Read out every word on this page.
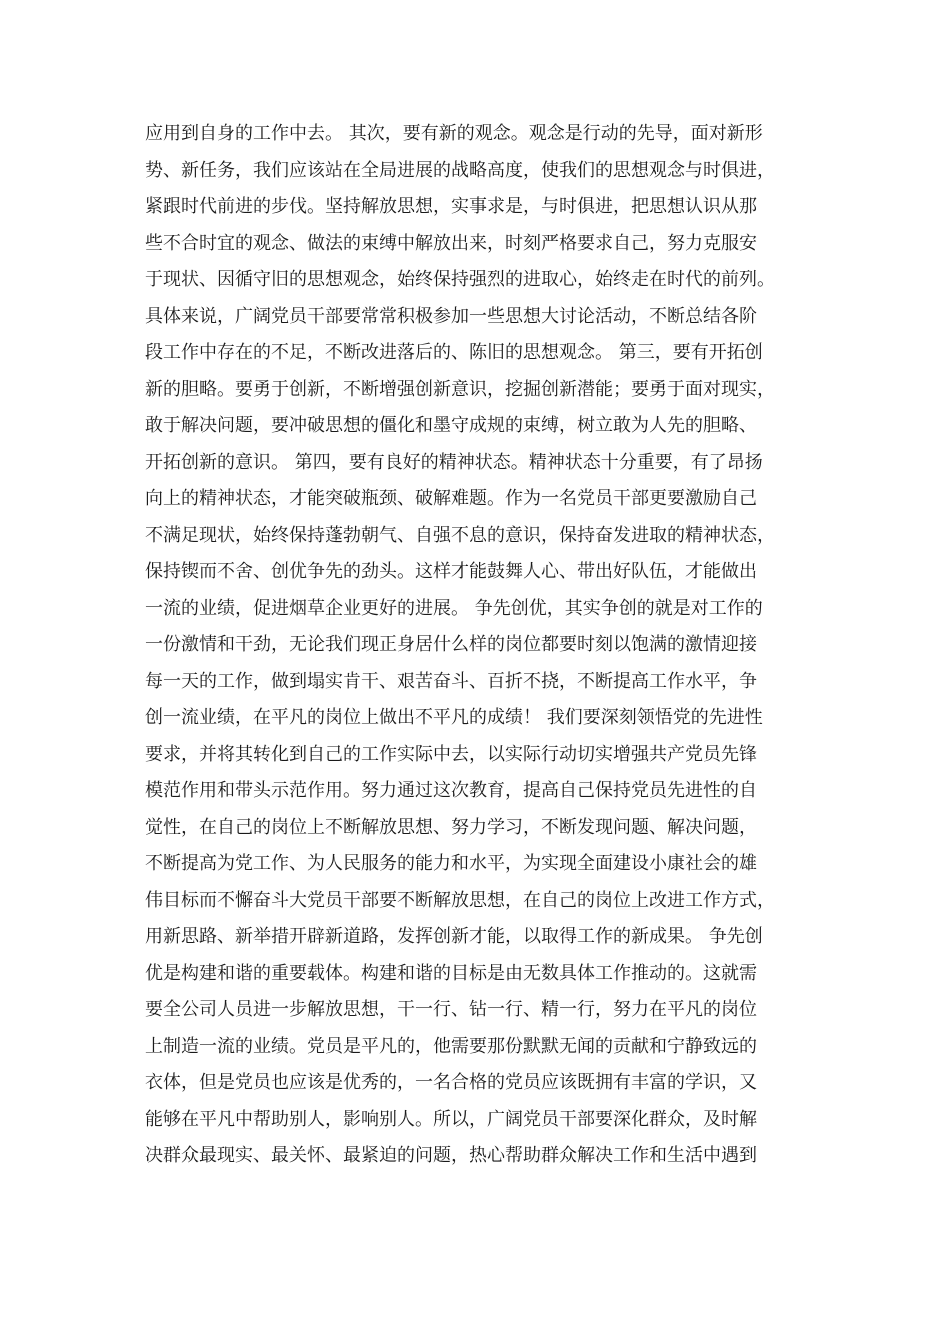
应用到自身的工作中去。 其次，要有新的观念。观念是行动的先导，面对新形
势、新任务，我们应该站在全局进展的战略高度，使我们的思想观念与时俱进，
紧跟时代前进的步伐。坚持解放思想，实事求是，与时俱进，把思想认识从那
些不合时宜的观念、做法的束缚中解放出来，时刻严格要求自己，努力克服安
于现状、因循守旧的思想观念，始终保持强烈的进取心，始终走在时代的前列。
具体来说，广阔党员干部要常常积极参加一些思想大讨论活动，不断总结各阶
段工作中存在的不足，不断改进落后的、陈旧的思想观念。 第三，要有开拓创
新的胆略。要勇于创新，不断增强创新意识，挖掘创新潜能；要勇于面对现实，
敢于解决问题，要冲破思想的僵化和墨守成规的束缚，树立敢为人先的胆略、
开拓创新的意识。 第四，要有良好的精神状态。精神状态十分重要，有了昂扬
向上的精神状态，才能突破瓶颈、破解难题。作为一名党员干部更要激励自己
不满足现状，始终保持蓬勃朝气、自强不息的意识，保持奋发进取的精神状态，
保持锲而不舍、创优争先的劲头。这样才能鼓舞人心、带出好队伍，才能做出
一流的业绩，促进烟草企业更好的进展。 争先创优，其实争创的就是对工作的
一份激情和干劲，无论我们现正身居什么样的岗位都要时刻以饱满的激情迎接
每一天的工作，做到塌实肯干、艰苦奋斗、百折不挠，不断提高工作水平，争
创一流业绩，在平凡的岗位上做出不平凡的成绩！ 我们要深刻领悟党的先进性
要求，并将其转化到自己的工作实际中去，以实际行动切实增强共产党员先锋
模范作用和带头示范作用。努力通过这次教育，提高自己保持党员先进性的自
觉性，在自己的岗位上不断解放思想、努力学习，不断发现问题、解决问题，
不断提高为党工作、为人民服务的能力和水平，为实现全面建设小康社会的雄
伟目标而不懈奋斗大党员干部要不断解放思想，在自己的岗位上改进工作方式，
用新思路、新举措开辟新道路，发挥创新才能，以取得工作的新成果。 争先创
优是构建和谐的重要载体。构建和谐的目标是由无数具体工作推动的。这就需
要全公司人员进一步解放思想，干一行、钻一行、精一行，努力在平凡的岗位
上制造一流的业绩。党员是平凡的，他需要那份默默无闻的贡献和宁静致远的
衣体，但是党员也应该是优秀的，一名合格的党员应该既拥有丰富的学识，又
能够在平凡中帮助别人，影响别人。所以，广阔党员干部要深化群众，及时解
决群众最现实、最关怀、最紧迫的问题，热心帮助群众解决工作和生活中遇到
